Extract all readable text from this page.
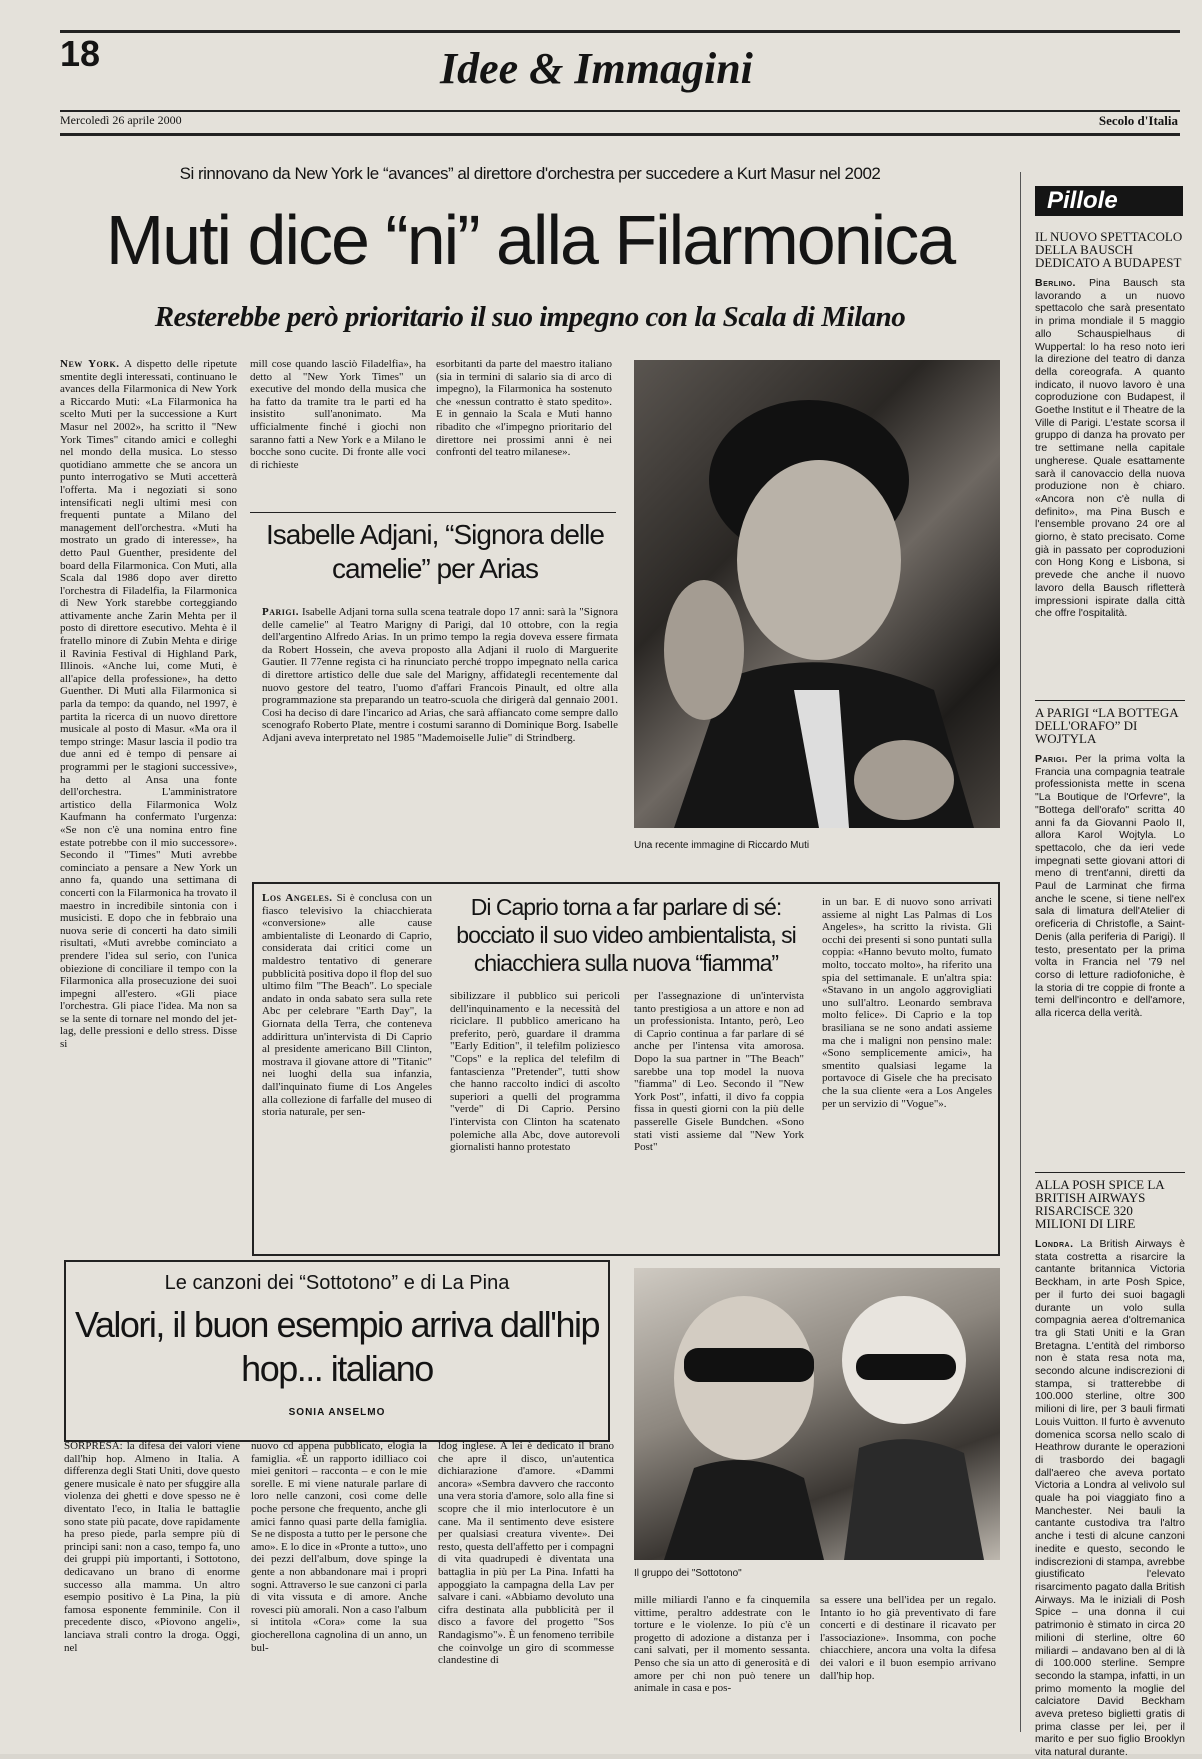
18	Idee & Immagini
Mercoledì 26 aprile 2000	Secolo d'Italia
Si rinnovano da New York le “avances” al direttore d'orchestra per succedere a Kurt Masur nel 2002
Muti dice “ni” alla Filarmonica
Resterebbe però prioritario il suo impegno con la Scala di Milano
New York. A dispetto delle ripetute smentite degli interessati, continuano le avances della Filarmonica di New York a Riccardo Muti: «La Filarmonica ha scelto Muti per la successione a Kurt Masur nel 2002», ha scritto il "New York Times" citando amici e colleghi nel mondo della musica. Lo stesso quotidiano ammette che se ancora un punto interrogativo se Muti accetterà l'offerta. Ma i negoziati si sono intensificati negli ultimi mesi con frequenti puntate a Milano del management dell'orchestra. «Muti ha mostrato un grado di interesse», ha detto Paul Guenther, presidente del board della Filarmonica. Con Muti, alla Scala dal 1986 dopo aver diretto l'orchestra di Filadelfia, la Filarmonica di New York starebbe corteggiando attivamente anche Zarin Mehta per il posto di direttore esecutivo. Mehta è il fratello minore di Zubin Mehta e dirige il Ravinia Festival di Highland Park, Illinois. «Anche lui, come Muti, è all'apice della professione», ha detto Guenther. Di Muti alla Filarmonica si parla da tempo: da quando, nel 1997, è partita la ricerca di un nuovo direttore musicale al posto di Masur. «Ma ora il tempo stringe: Masur lascia il podio tra due anni ed è tempo di pensare ai programmi per le stagioni successive», ha detto al Ansa una fonte dell'orchestra. L'amministratore artistico della Filarmonica Wolz Kaufmann ha confermato l'urgenza: «Se non c'è una nomina entro fine estate potrebbe con il mio successore». Secondo il "Times" Muti avrebbe cominciato a pensare a New York un anno fa, quando una settimana di concerti con la Filarmonica ha trovato il maestro in incredibile sintonia con i musicisti. E dopo che in febbraio una nuova serie di concerti ha dato simili risultati, «Muti avrebbe cominciato a prendere l'idea sul serio, con l'unica obiezione di conciliare il tempo con la Filarmonica alla prosecuzione dei suoi impegni all'estero. «Gli piace l'orchestra. Gli piace l'idea. Ma non sa se la sente di tornare nel mondo del jet-lag, delle pressioni e dello stress. Disse si
mill cose quando lasciò Filadelfia», ha detto al "New York Times" un executive del mondo della musica che ha fatto da tramite tra le parti ed ha insistito sull'anonimato. Ma ufficialmente finché i giochi non saranno fatti a New York e a Milano le bocche sono cucite. Di fronte alle voci di richieste
esorbitanti da parte del maestro italiano (sia in termini di salario sia di arco di impegno), la Filarmonica ha sostenuto che «nessun contratto è stato spedito». E in gennaio la Scala e Muti hanno ribadito che «l'impegno prioritario del direttore nei prossimi anni è nei confronti del teatro milanese».
Una recente immagine di Riccardo Muti
Isabelle Adjani, “Signora delle camelie” per Arias
Parigi. Isabelle Adjani torna sulla scena teatrale dopo 17 anni: sarà la "Signora delle camelie" al Teatro Marigny di Parigi, dal 10 ottobre, con la regia dell'argentino Alfredo Arias. In un primo tempo la regia doveva essere firmata da Robert Hossein, che aveva proposto alla Adjani il ruolo di Marguerite Gautier. Il 77enne regista ci ha rinunciato perché troppo impegnato nella carica di direttore artistico delle due sale del Marigny, affidategli recentemente dal nuovo gestore del teatro, l'uomo d'affari Francois Pinault, ed oltre alla programmazione sta preparando un teatro-scuola che dirigerà dal gennaio 2001. Così ha deciso di dare l'incarico ad Arias, che sarà affiancato come sempre dallo scenografo Roberto Plate, mentre i costumi saranno di Dominique Borg. Isabelle Adjani aveva interpretato nel 1985 "Mademoiselle Julie" di Strindberg.
Los Angeles. Si è conclusa con un fiasco televisivo la chiacchierata «conversione» alle cause ambientaliste di Leonardo di Caprio, considerata dai critici come un maldestro tentativo di generare pubblicità positiva dopo il flop del suo ultimo film "The Beach". Lo speciale andato in onda sabato sera sulla rete Abc per celebrare "Earth Day", la Giornata della Terra, che conteneva addirittura un'intervista di Di Caprio al presidente americano Bill Clinton, mostrava il giovane attore di "Titanic" nei luoghi della sua infanzia, dall'inquinato fiume di Los Angeles alla collezione di farfalle del museo di storia naturale, per sen-
Di Caprio torna a far parlare di sé: bocciato il suo video ambientalista, si chiacchiera sulla nuova “fiamma”
sibilizzare il pubblico sui pericoli dell'inquinamento e la necessità del riciclare. Il pubblico americano ha preferito, però, guardare il dramma "Early Edition", il telefilm poliziesco "Cops" e la replica del telefilm di fantascienza "Pretender", tutti show che hanno raccolto indici di ascolto superiori a quelli del programma "verde" di Di Caprio. Persino l'intervista con Clinton ha scatenato polemiche alla Abc, dove autorevoli giornalisti hanno protestato
per l'assegnazione di un'intervista tanto prestigiosa a un attore e non ad un professionista. Intanto, però, Leo di Caprio continua a far parlare di sé anche per l'intensa vita amorosa. Dopo la sua partner in "The Beach" sarebbe una top model la nuova "fiamma" di Leo. Secondo il "New York Post", infatti, il divo fa coppia fissa in questi giorni con la più delle passerelle Gisele Bundchen. «Sono stati visti assieme dal "New York Post"
in un bar. E di nuovo sono arrivati assieme al night Las Palmas di Los Angeles», ha scritto la rivista. Gli occhi dei presenti si sono puntati sulla coppia: «Hanno bevuto molto, fumato molto, toccato molto», ha riferito una spia del settimanale. E un'altra spia: «Stavano in un angolo aggrovigliati uno sull'altro. Leonardo sembrava molto felice». Di Caprio e la top brasiliana se ne sono andati assieme ma che i maligni non pensino male: «Sono semplicemente amici», ha smentito qualsiasi legame la portavoce di Gisele che ha precisato che la sua cliente «era a Los Angeles per un servizio di "Vogue"».
Le canzoni dei “Sottotono” e di La Pina
Valori, il buon esempio arriva dall'hip hop... italiano
SONIA ANSELMO
SORPRESA: la difesa dei valori viene dall'hip hop. Almeno in Italia. A differenza degli Stati Uniti, dove questo genere musicale è nato per sfuggire alla violenza dei ghetti e dove spesso ne è diventato l'eco, in Italia le battaglie sono state più pacate, dove rapidamente ha preso piede, parla sempre più di principi sani: non a caso, tempo fa, uno dei gruppi più importanti, i Sottotono, dedicavano un brano di enorme successo alla mamma. Un altro esempio positivo è La Pina, la più famosa esponente femminile. Con il precedente disco, «Piovono angeli», lanciava strali contro la droga. Oggi, nel
nuovo cd appena pubblicato, elogia la famiglia. «È un rapporto idilliaco coi miei genitori – racconta – e con le mie sorelle. E mi viene naturale parlare di loro nelle canzoni, così come delle poche persone che frequento, anche gli amici fanno quasi parte della famiglia. Se ne disposta a tutto per le persone che amo». E lo dice in «Pronte a tutto», uno dei pezzi dell'album, dove spinge la gente a non abbandonare mai i propri sogni. Attraverso le sue canzoni ci parla di vita vissuta e di amore. Anche rovesci più amorali. Non a caso l'album si intitola «Cora» come la sua giocherellona cagnolina di un anno, un bul-
ldog inglese. A lei è dedicato il brano che apre il disco, un'autentica dichiarazione d'amore. «Dammi ancora» «Sembra davvero che racconto una vera storia d'amore, solo alla fine si scopre che il mio interlocutore è un cane. Ma il sentimento deve esistere per qualsiasi creatura vivente». Dei resto, questa dell'affetto per i compagni di vita quadrupedi è diventata una battaglia in più per La Pina. Infatti ha appoggiato la campagna della Lav per salvare i cani. «Abbiamo devoluto una cifra destinata alla pubblicità per il disco a favore del progetto "Sos Randagismo"». È un fenomeno terribile che coinvolge un giro di scommesse clandestine di
mille miliardi l'anno e fa cinquemila vittime, peraltro addestrate con le torture e le violenze. Io più c'è un progetto di adozione a distanza per i cani salvati, per il momento sessanta. Penso che sia un atto di generosità e di amore per chi non può tenere un animale in casa e pos-
sa essere una bell'idea per un regalo. Intanto io ho già preventivato di fare concerti e di destinare il ricavato per l'associazione». Insomma, con poche chiacchiere, ancora una volta la difesa dei valori e il buon esempio arrivano dall'hip hop.
Il gruppo dei "Sottotono"
Pillole
IL NUOVO SPETTACOLO DELLA BAUSCH DEDICATO A BUDAPEST
Berlino. Pina Bausch sta lavorando a un nuovo spettacolo che sarà presentato in prima mondiale il 5 maggio allo Schauspielhaus di Wuppertal: lo ha reso noto ieri la direzione del teatro di danza della coreografa. A quanto indicato, il nuovo lavoro è una coproduzione con Budapest, il Goethe Institut e il Theatre de la Ville di Parigi. L'estate scorsa il gruppo di danza ha provato per tre settimane nella capitale ungherese. Quale esattamente sarà il canovaccio della nuova produzione non è chiaro. «Ancora non c'è nulla di definito», ma Pina Busch e l'ensemble provano 24 ore al giorno, è stato precisato. Come già in passato per coproduzioni con Hong Kong e Lisbona, si prevede che anche il nuovo lavoro della Bausch rifletterà impressioni ispirate dalla città che offre l'ospitalità.
A PARIGI “LA BOTTEGA DELL'ORAFO” DI WOJTYLA
Parigi. Per la prima volta la Francia una compagnia teatrale professionista mette in scena "La Boutique de l'Orfevre", la "Bottega dell'orafo" scritta 40 anni fa da Giovanni Paolo II, allora Karol Wojtyla. Lo spettacolo, che da ieri vede impegnati sette giovani attori di meno di trent'anni, diretti da Paul de Larminat che firma anche le scene, si tiene nell'ex sala di limatura dell'Atelier di oreficeria di Christofle, a Saint-Denis (alla periferia di Parigi). Il testo, presentato per la prima volta in Francia nel '79 nel corso di letture radiofoniche, è la storia di tre coppie di fronte a temi dell'incontro e dell'amore, alla ricerca della verità.
ALLA POSH SPICE LA BRITISH AIRWAYS RISARCISCE 320 MILIONI DI LIRE
Londra. La British Airways è stata costretta a risarcire la cantante britannica Victoria Beckham, in arte Posh Spice, per il furto dei suoi bagagli durante un volo sulla compagnia aerea d'oltremanica tra gli Stati Uniti e la Gran Bretagna. L'entità del rimborso non è stata resa nota ma, secondo alcune indiscrezioni di stampa, si tratterebbe di 100.000 sterline, oltre 300 milioni di lire, per 3 bauli firmati Louis Vuitton. Il furto è avvenuto domenica scorsa nello scalo di Heathrow durante le operazioni di trasbordo dei bagagli dall'aereo che aveva portato Victoria a Londra al velivolo sul quale ha poi viaggiato fino a Manchester. Nei bauli la cantante custodiva tra l'altro anche i testi di alcune canzoni inedite e questo, secondo le indiscrezioni di stampa, avrebbe giustificato l'elevato risarcimento pagato dalla British Airways. Ma le iniziali di Posh Spice – una donna il cui patrimonio è stimato in circa 20 milioni di sterline, oltre 60 miliardi – andavano ben al di là di 100.000 sterline. Sempre secondo la stampa, infatti, in un primo momento la moglie del calciatore David Beckham aveva preteso biglietti gratis di prima classe per lei, per il marito e per suo figlio Brooklyn vita natural durante.
